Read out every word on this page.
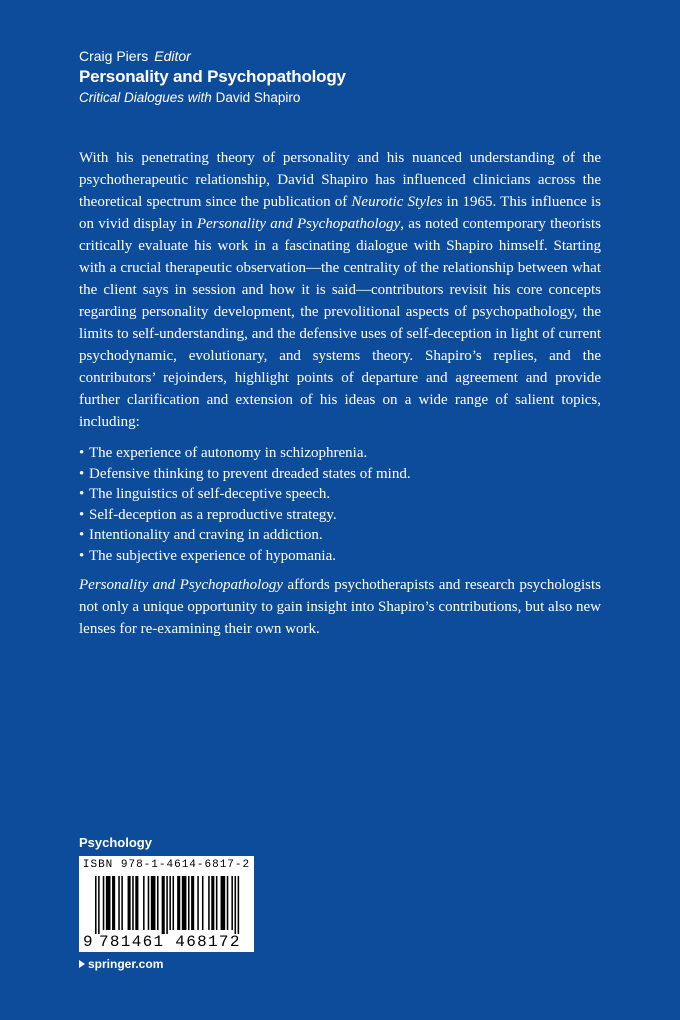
Craig Piers Editor
Personality and Psychopathology
Critical Dialogues with David Shapiro

With his penetrating theory of personality and his nuanced understanding of the psychotherapeutic relationship, David Shapiro has influenced clinicians across the theoretical spectrum since the publication of Neurotic Styles in 1965. This influence is on vivid display in Personality and Psychopathology, as noted contemporary theorists critically evaluate his work in a fascinating dialogue with Shapiro himself. Starting with a crucial therapeutic observation—the centrality of the relationship between what the client says in session and how it is said—contributors revisit his core concepts regarding personality development, the prevolitional aspects of psychopathology, the limits to self-understanding, and the defensive uses of self-deception in light of current psychodynamic, evolutionary, and systems theory. Shapiro’s replies, and the contributors’ rejoinders, highlight points of departure and agreement and provide further clarification and extension of his ideas on a wide range of salient topics, including:

• The experience of autonomy in schizophrenia.
• Defensive thinking to prevent dreaded states of mind.
• The linguistics of self-deceptive speech.
• Self-deception as a reproductive strategy.
• Intentionality and craving in addiction.
• The subjective experience of hypomania.

Personality and Psychopathology affords psychotherapists and research psychologists not only a unique opportunity to gain insight into Shapiro’s contributions, but also new lenses for re-examining their own work.

Psychology
ISBN 978-1-4614-6817-2
9 781461 468172
springer.com
